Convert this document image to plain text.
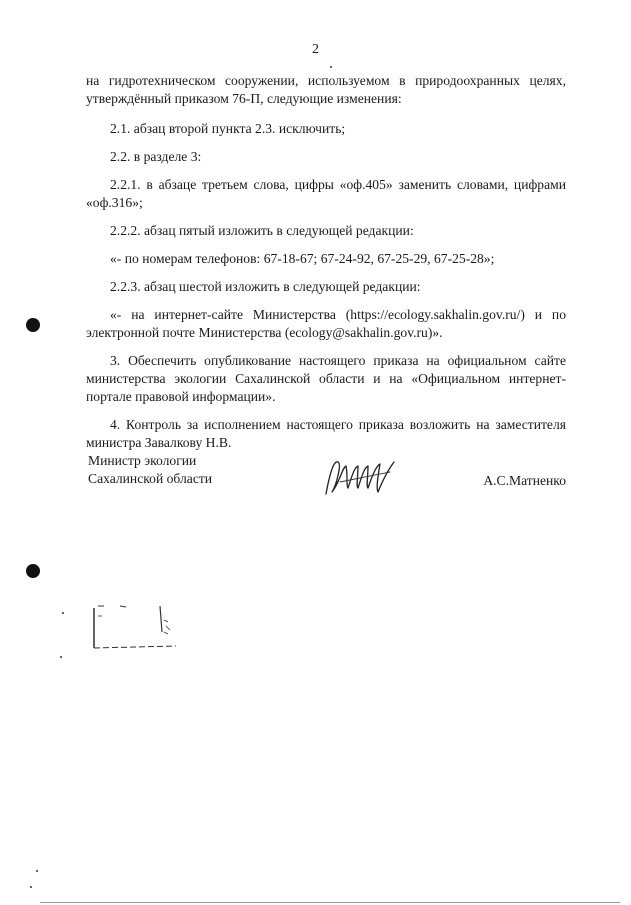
2

на гидротехническом сооружении, используемом в природоохранных целях, утверждённый приказом 76-П, следующие изменения:

2.1. абзац второй пункта 2.3. исключить;

2.2. в разделе 3:

2.2.1. в абзаце третьем слова, цифры «оф.405» заменить словами, цифрами «оф.316»;

2.2.2. абзац пятый изложить в следующей редакции:

«- по номерам телефонов: 67-18-67; 67-24-92, 67-25-29, 67-25-28»;

2.2.3. абзац шестой изложить в следующей редакции:

«- на интернет-сайте Министерства (https://ecology.sakhalin.gov.ru/) и по электронной почте Министерства (ecology@sakhalin.gov.ru)».

3. Обеспечить опубликование настоящего приказа на официальном сайте министерства экологии Сахалинской области и на «Официальном интернет-портале правовой информации».

4. Контроль за исполнением настоящего приказа возложить на заместителя министра Завалкову Н.В.

Министр экологии
Сахалинской области	А.С.Матненко
